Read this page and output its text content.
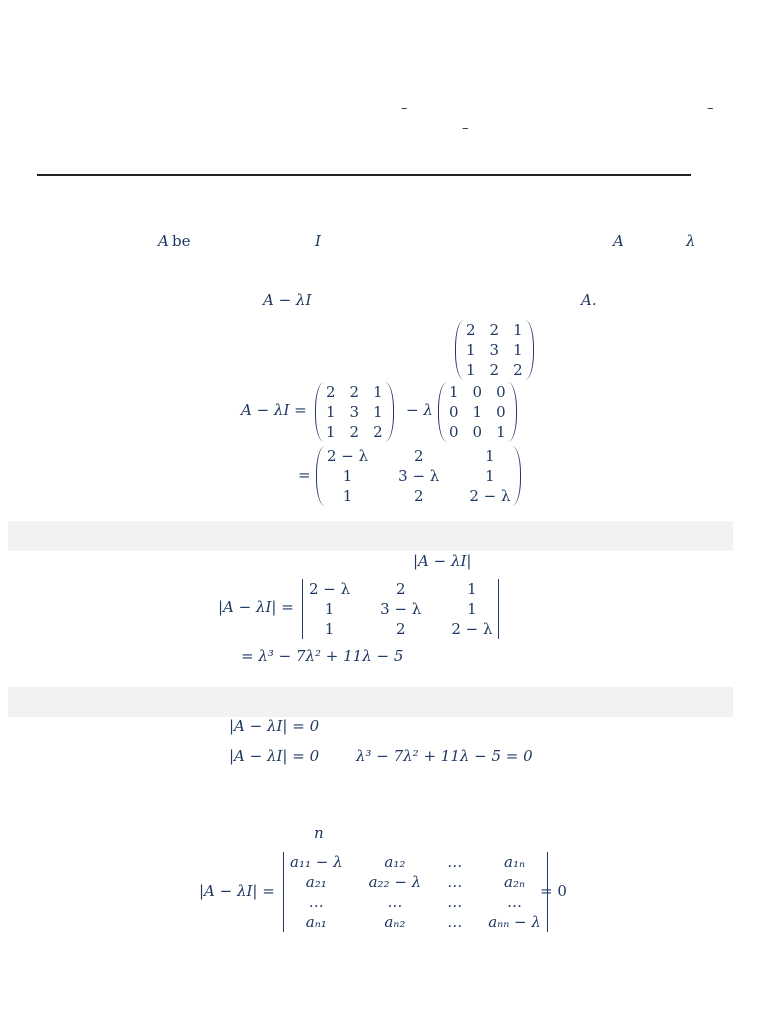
–	–
–
A be	I	A	λ
A − λI	A.
2 2 1
1 3 1
1 2 2
A − λI =
2 2 1
1 3 1
1 2 2
− λ
1 0 0
0 1 0
0 0 1
=
2 − λ	2	1
1	3 − λ	1
1	2	2 − λ
|A − λI|
|A − λI| =
2 − λ	2	1
1	3 − λ	1
1	2	2 − λ
= λ³ − 7λ² + 11λ − 5
|A − λI| = 0
|A − λI| = 0 λ³ − 7λ² + 11λ − 5 = 0
n
|A − λI| =
a₁₁ − λ	a₁₂	…	a₁ₙ
a₂₁	a₂₂ − λ …	a₂ₙ
…	…	…	…
aₙ₁	aₙ₂	… aₙₙ − λ
= 0
